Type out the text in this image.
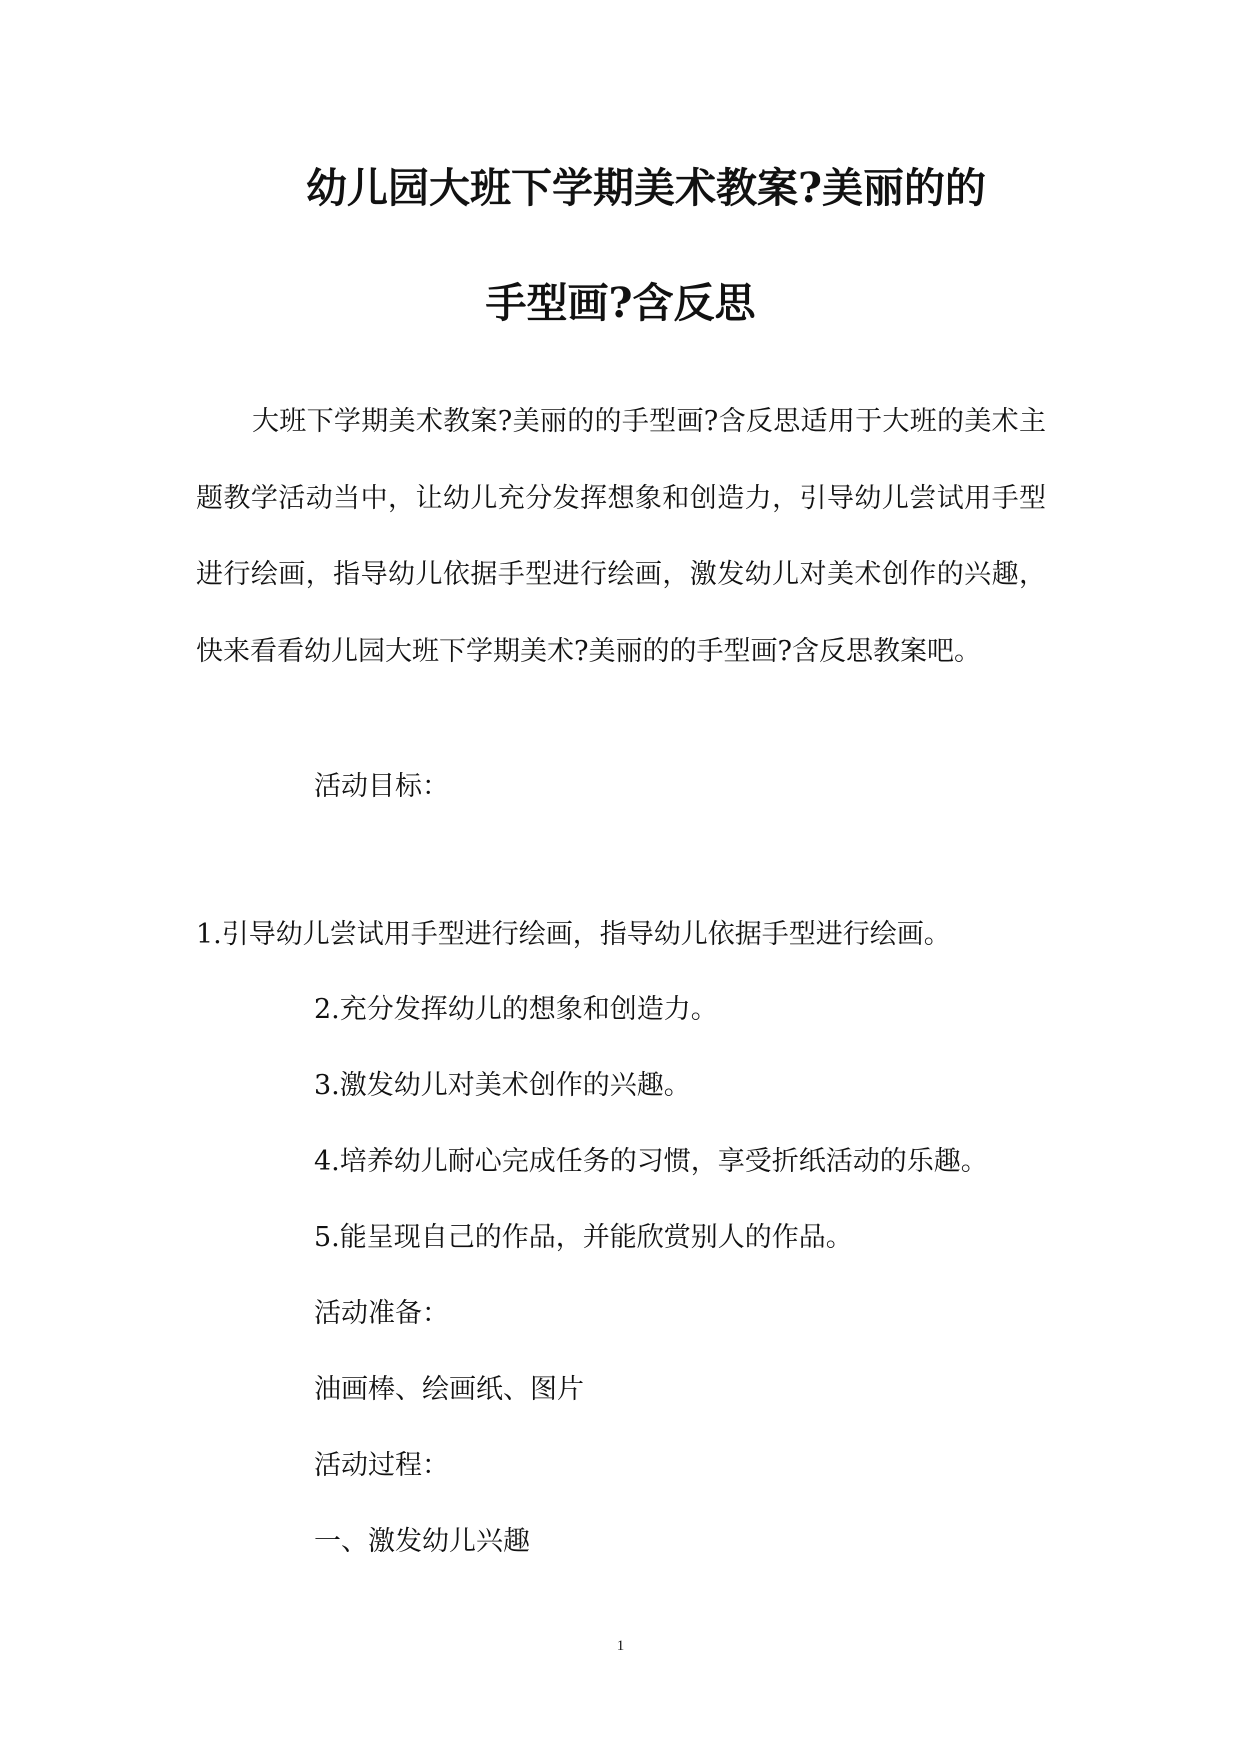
幼儿园大班下学期美术教案?美丽的的
手型画?含反思
大班下学期美术教案?美丽的的手型画?含反思适用于大班的美术主题教学活动当中，让幼儿充分发挥想象和创造力，引导幼儿尝试用手型进行绘画，指导幼儿依据手型进行绘画，激发幼儿对美术创作的兴趣，快来看看幼儿园大班下学期美术?美丽的的手型画?含反思教案吧。
活动目标：
1.引导幼儿尝试用手型进行绘画，指导幼儿依据手型进行绘画。
2.充分发挥幼儿的想象和创造力。
3.激发幼儿对美术创作的兴趣。
4.培养幼儿耐心完成任务的习惯，享受折纸活动的乐趣。
5.能呈现自己的作品，并能欣赏别人的作品。
活动准备：
油画棒、绘画纸、图片
活动过程：
一、激发幼儿兴趣
1
